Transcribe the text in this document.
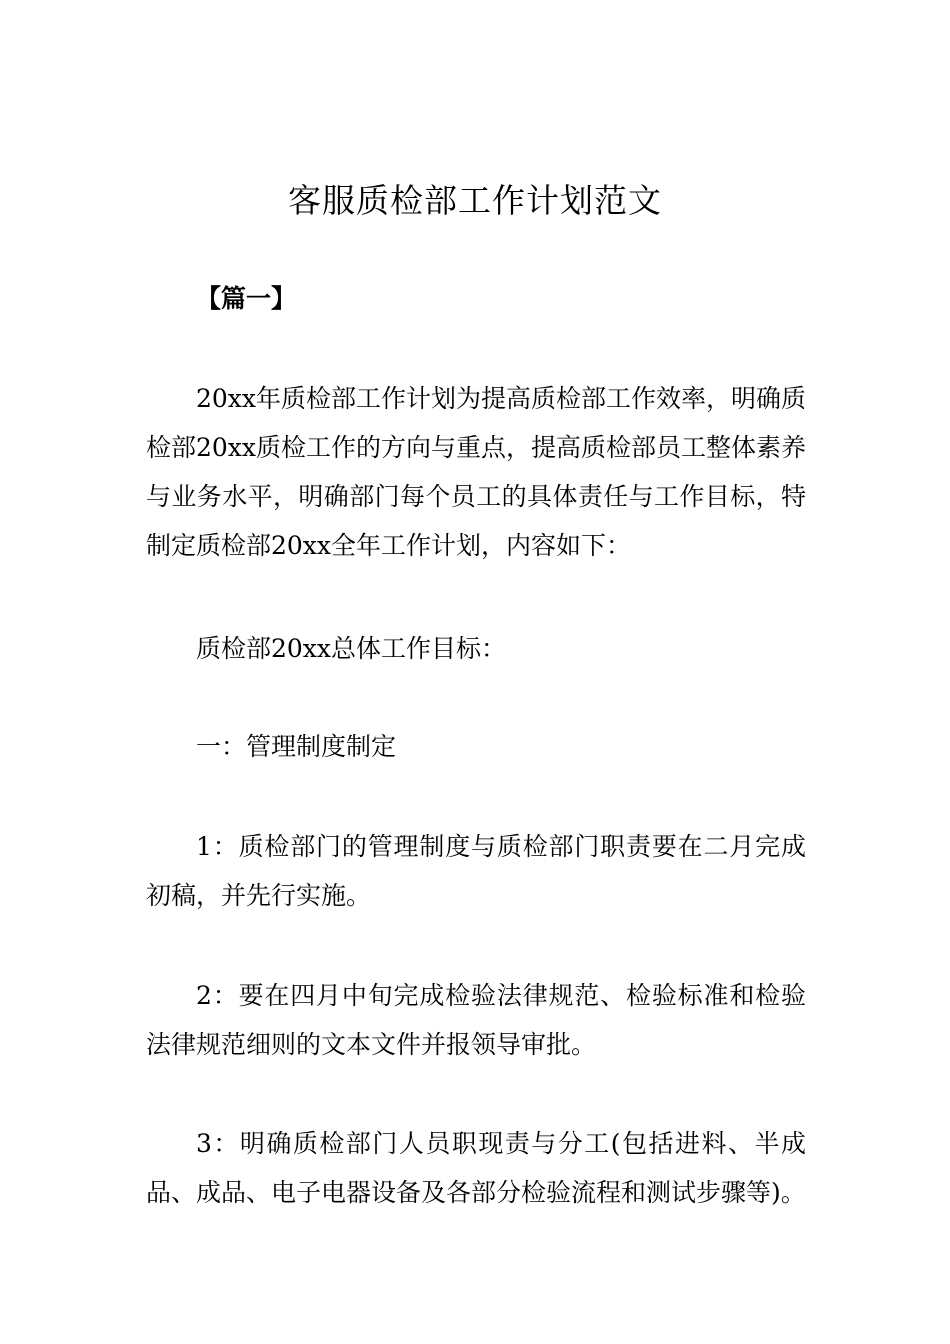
客服质检部工作计划范文

【篇一】

20xx年质检部工作计划为提高质检部工作效率，明确质检部20xx质检工作的方向与重点，提高质检部员工整体素养与业务水平，明确部门每个员工的具体责任与工作目标，特制定质检部20xx全年工作计划，内容如下：

质检部20xx总体工作目标：

一：管理制度制定

1：质检部门的管理制度与质检部门职责要在二月完成初稿，并先行实施。

2：要在四月中旬完成检验法律规范、检验标准和检验法律规范细则的文本文件并报领导审批。

3：明确质检部门人员职现责与分工(包括进料、半成品、成品、电子电器设备及各部分检验流程和测试步骤等)。
